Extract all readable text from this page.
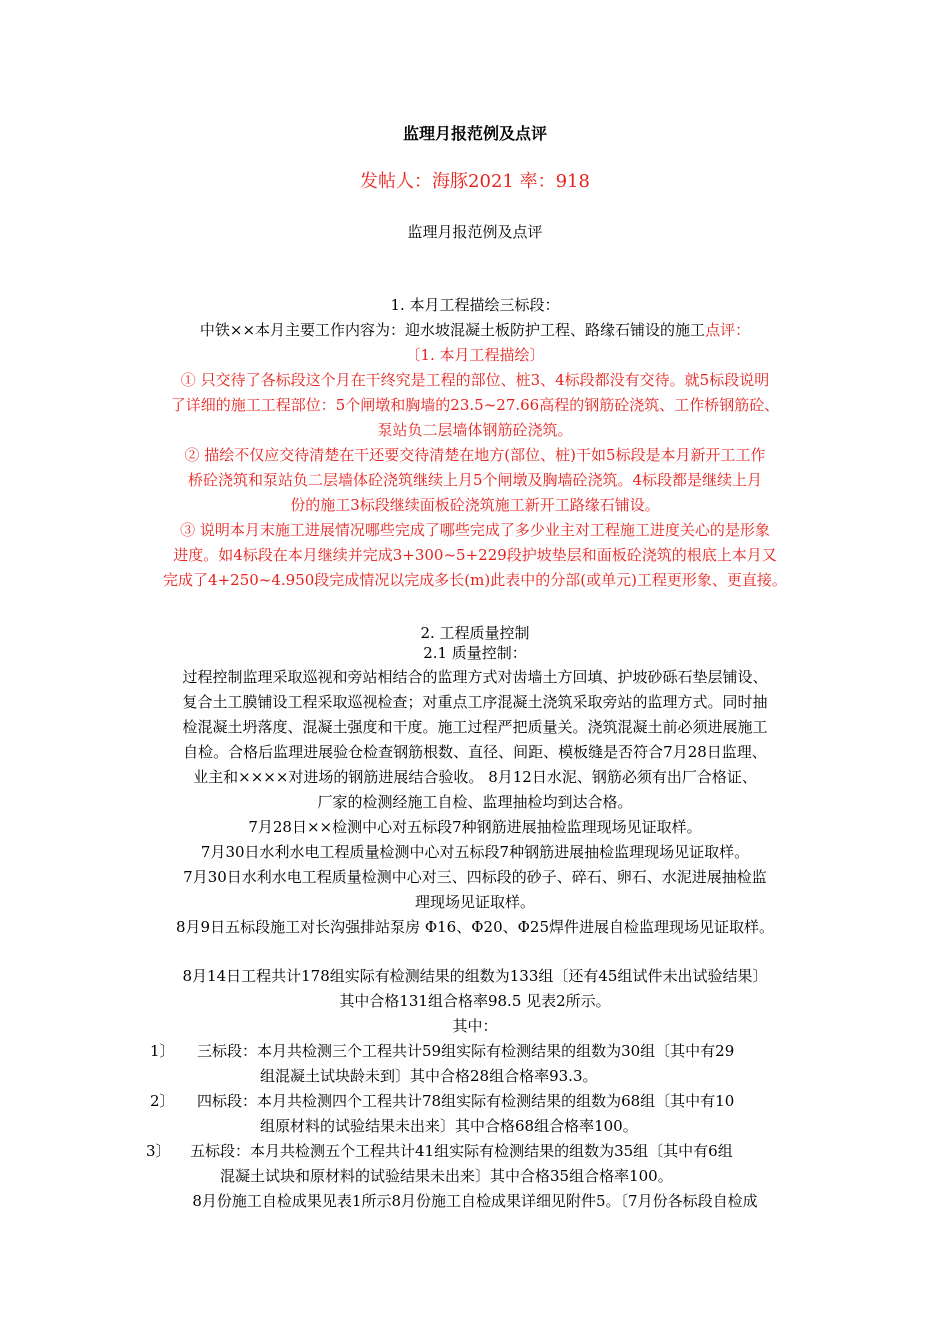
监理月报范例及点评
发帖人：海豚2021 率：918
监理月报范例及点评
1. 本月工程描绘三标段：
中铁××本月主要工作内容为：迎水坡混凝土板防护工程、路缘石铺设的施工点评：
〔1. 本月工程描绘〕
① 只交待了各标段这个月在干终究是工程的部位、桩3、4标段都没有交待。就5标段说明
了详细的施工工程部位：5个闸墩和胸墙的23.5~27.66高程的钢筋砼浇筑、工作桥钢筋砼、
泵站负二层墙体钢筋砼浇筑。
② 描绘不仅应交待清楚在干还要交待清楚在地方(部位、桩)干如5标段是本月新开工工作
桥砼浇筑和泵站负二层墙体砼浇筑继续上月5个闸墩及胸墙砼浇筑。4标段都是继续上月
份的施工3标段继续面板砼浇筑施工新开工路缘石铺设。
③ 说明本月末施工进展情况哪些完成了哪些完成了多少业主对工程施工进度关心的是形象
进度。如4标段在本月继续并完成3+300~5+229段护坡垫层和面板砼浇筑的根底上本月又
完成了4+250~4.950段完成情况以完成多长(m)此表中的分部(或单元)工程更形象、更直接。
2. 工程质量控制
2.1 质量控制：
过程控制监理采取巡视和旁站相结合的监理方式对齿墙土方回填、护坡砂砾石垫层铺设、
复合土工膜铺设工程采取巡视检查；对重点工序混凝土浇筑采取旁站的监理方式。同时抽
检混凝土坍落度、混凝土强度和干度。施工过程严把质量关。浇筑混凝土前必须进展施工
自检。合格后监理进展验仓检查钢筋根数、直径、间距、模板缝是否符合7月28日监理、
业主和××××对进场的钢筋进展结合验收。 8月12日水泥、钢筋必须有出厂合格证、
厂家的检测经施工自检、监理抽检均到达合格。
7月28日××检测中心对五标段7种钢筋进展抽检监理现场见证取样。
7月30日水利水电工程质量检测中心对五标段7种钢筋进展抽检监理现场见证取样。
7月30日水利水电工程质量检测中心对三、四标段的砂子、碎石、卵石、水泥进展抽检监
理现场见证取样。
8月9日五标段施工对长沟强排站泵房 Φ16、Φ20、Φ25焊件进展自检监理现场见证取样。
8月14日工程共计178组实际有检测结果的组数为133组〔还有45组试件未出试验结果〕
其中合格131组合格率98.5 见表2所示。
其中：
1〕 三标段：本月共检测三个工程共计59组实际有检测结果的组数为30组〔其中有29
组混凝土试块龄未到〕其中合格28组合格率93.3。
2〕 四标段：本月共检测四个工程共计78组实际有检测结果的组数为68组〔其中有10
组原材料的试验结果未出来〕其中合格68组合格率100。
3〕 五标段：本月共检测五个工程共计41组实际有检测结果的组数为35组〔其中有6组
混凝土试块和原材料的试验结果未出来〕其中合格35组合格率100。
8月份施工自检成果见表1所示8月份施工自检成果详细见附件5。〔7月份各标段自检成
